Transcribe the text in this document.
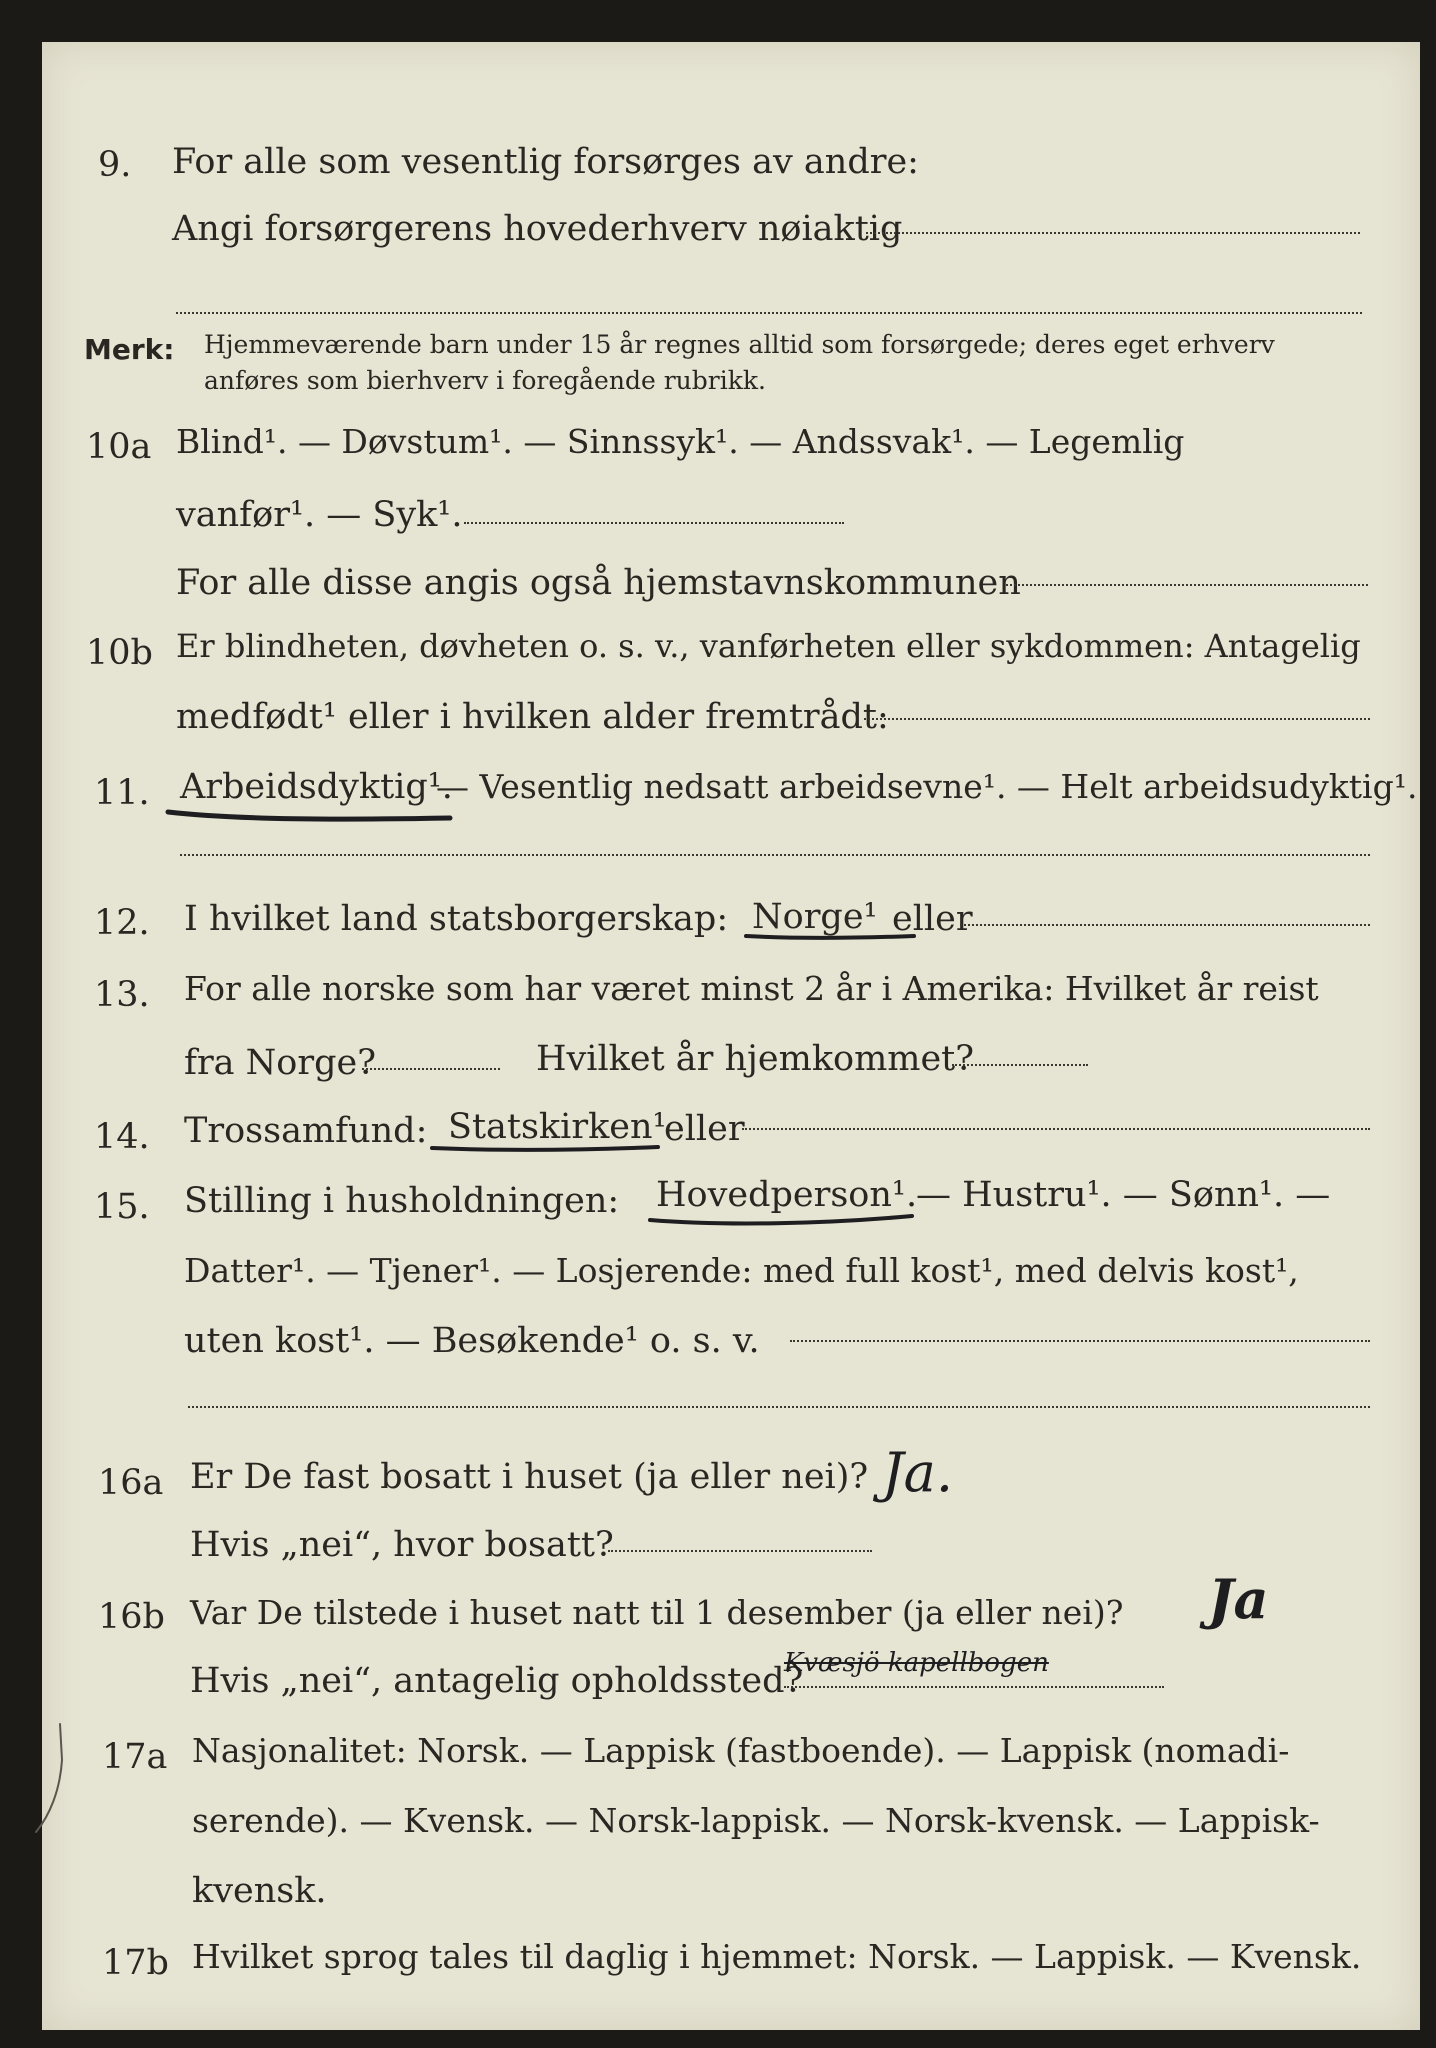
9. For alle som vesentlig forsørges av andre:
Angi forsørgerens hovederhverv nøiaktig
Merk: Hjemmeværende barn under 15 år regnes alltid som forsørgede; deres eget erhverv
anføres som bierhverv i foregående rubrikk.
10a Blind¹. — Døvstum¹. — Sinnssyk¹. — Andssvak¹. — Legemlig
vanfør¹. — Syk¹.
For alle disse angis også hjemstavnskommunen
10b Er blindheten, døvheten o. s. v., vanførheten eller sykdommen: Antagelig
medfødt¹ eller i hvilken alder fremtrådt:
11. Arbeidsdyktig¹.
— Vesentlig nedsatt arbeidsevne¹. — Helt arbeidsudyktig¹.
12. I hvilket land statsborgerskap: Norge¹ eller
13. For alle norske som har været minst 2 år i Amerika: Hvilket år reist
fra Norge?	Hvilket år hjemkommet?
14. Trossamfund: Statskirken¹
eller
15. Stilling i husholdningen: Hovedperson¹.
— Hustru¹. — Sønn¹. —
Datter¹. — Tjener¹. — Losjerende: med full kost¹, med delvis kost¹,
uten kost¹. — Besøkende¹ o. s. v.
16a Er De fast bosatt i huset (ja eller nei)? Ja.
Hvis „nei“, hvor bosatt?
16b Var De tilstede i huset natt til 1 desember (ja eller nei)? Ja
Hvis „nei“, antagelig opholdssted?
Kvæsjö kapellbogen
17a Nasjonalitet: Norsk. — Lappisk (fastboende). — Lappisk (nomadi-
serende). — Kvensk. — Norsk-lappisk. — Norsk-kvensk. — Lappisk-
kvensk.
17b Hvilket sprog tales til daglig i hjemmet: Norsk. — Lappisk. — Kvensk.
